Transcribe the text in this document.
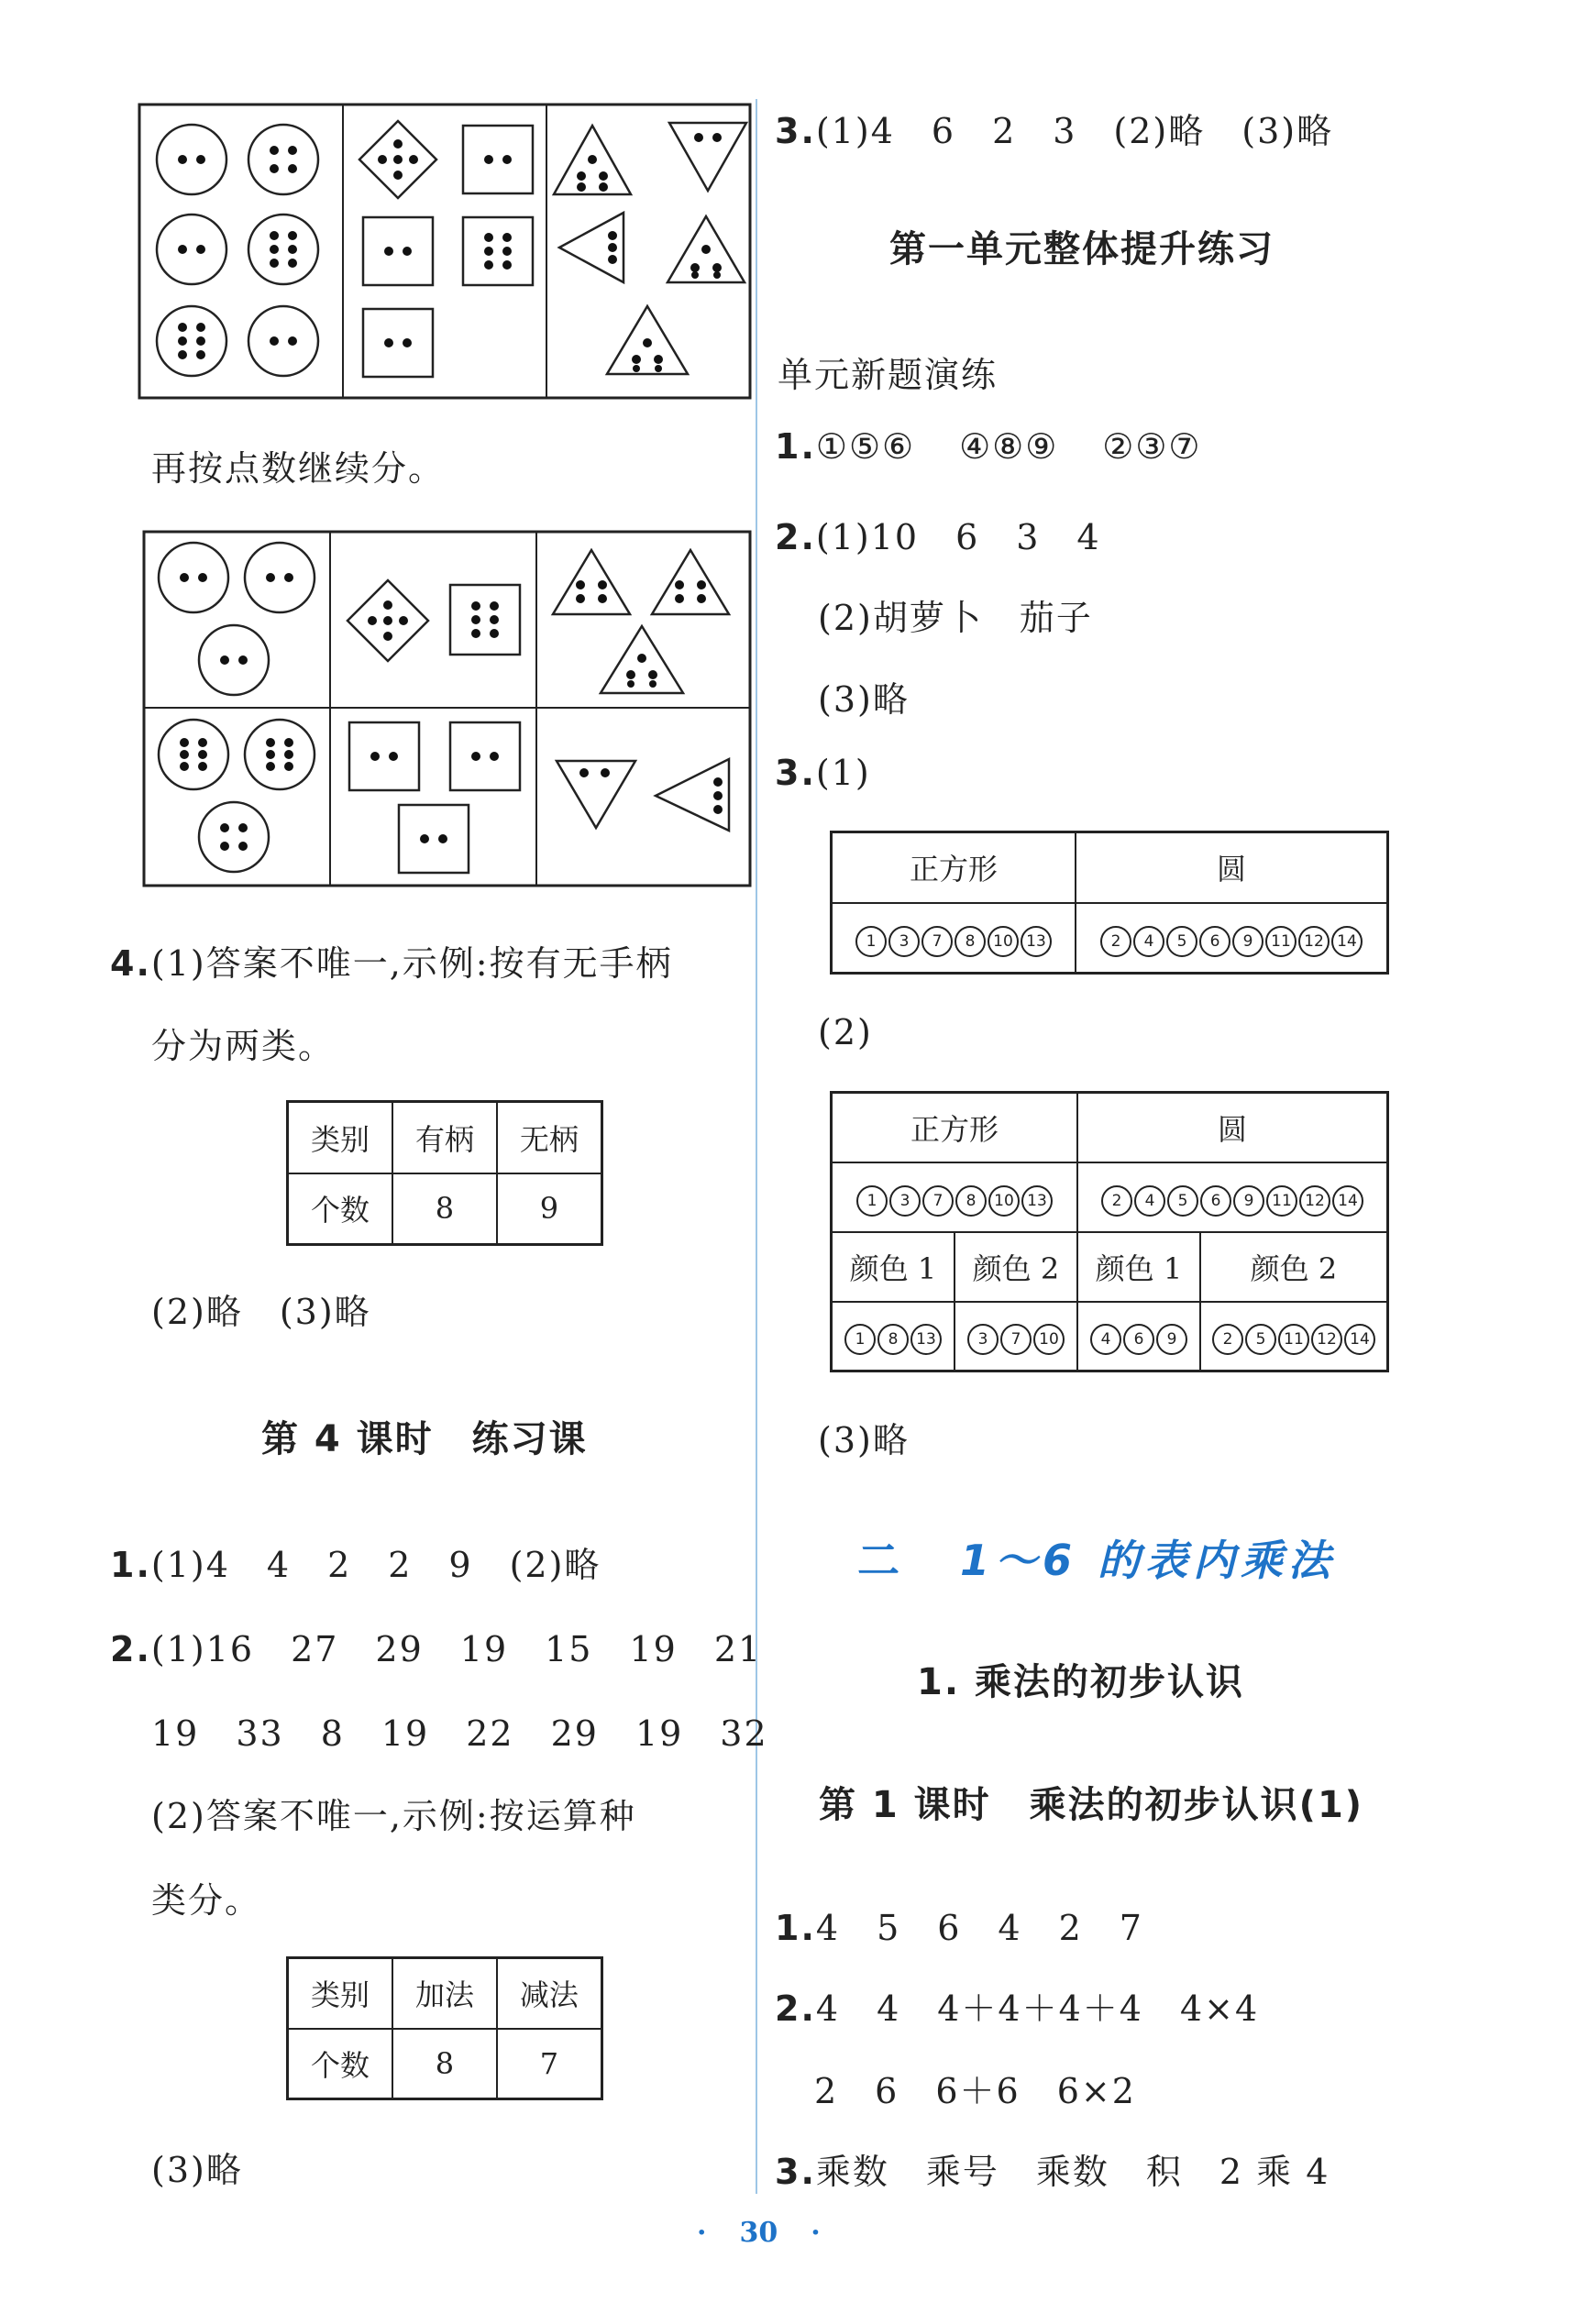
再按点数继续分。
4.(1)答案不唯一,示例:按有无手柄
分为两类。
类别	有柄	无柄
个数	8	9
(2)略　(3)略
第 4 课时　练习课
1.(1)4　4　2　2　9　(2)略
2.(1)16　27　29　19　15　19　21
19　33　8　19　22　29　19　32
(2)答案不唯一,示例:按运算种
类分。
类别	加法	减法
个数	8	7
(3)略
3.(1)4　6　2　3　(2)略　(3)略
第一单元整体提升练习
单元新题演练
1.①⑤⑥ ④⑧⑨ ②③⑦
2.(1)10　6　3　4
(2)胡萝卜　茄子
(3)略
3.(1)
正方形	圆
1 3 7 8 10 13	2 4 5 6 9 11 12 14
(2)
正方形		圆	
1 3 7 8 10 13		2 4 5 6 9 11 12 14	
颜色 1	颜色 2	颜色 1	颜色 2
1 8 13	3 7 10	4 6 9	2 5 11 12 14
(3)略
二 1～6 的表内乘法
1. 乘法的初步认识
第 1 课时　乘法的初步认识(1)
1.4　5　6　4　2　7
2.4　4　4＋4＋4＋4　4×4
2　6　6＋6　6×2
3.乘数　乘号　乘数　积　2 乘 4
· 30 ·
